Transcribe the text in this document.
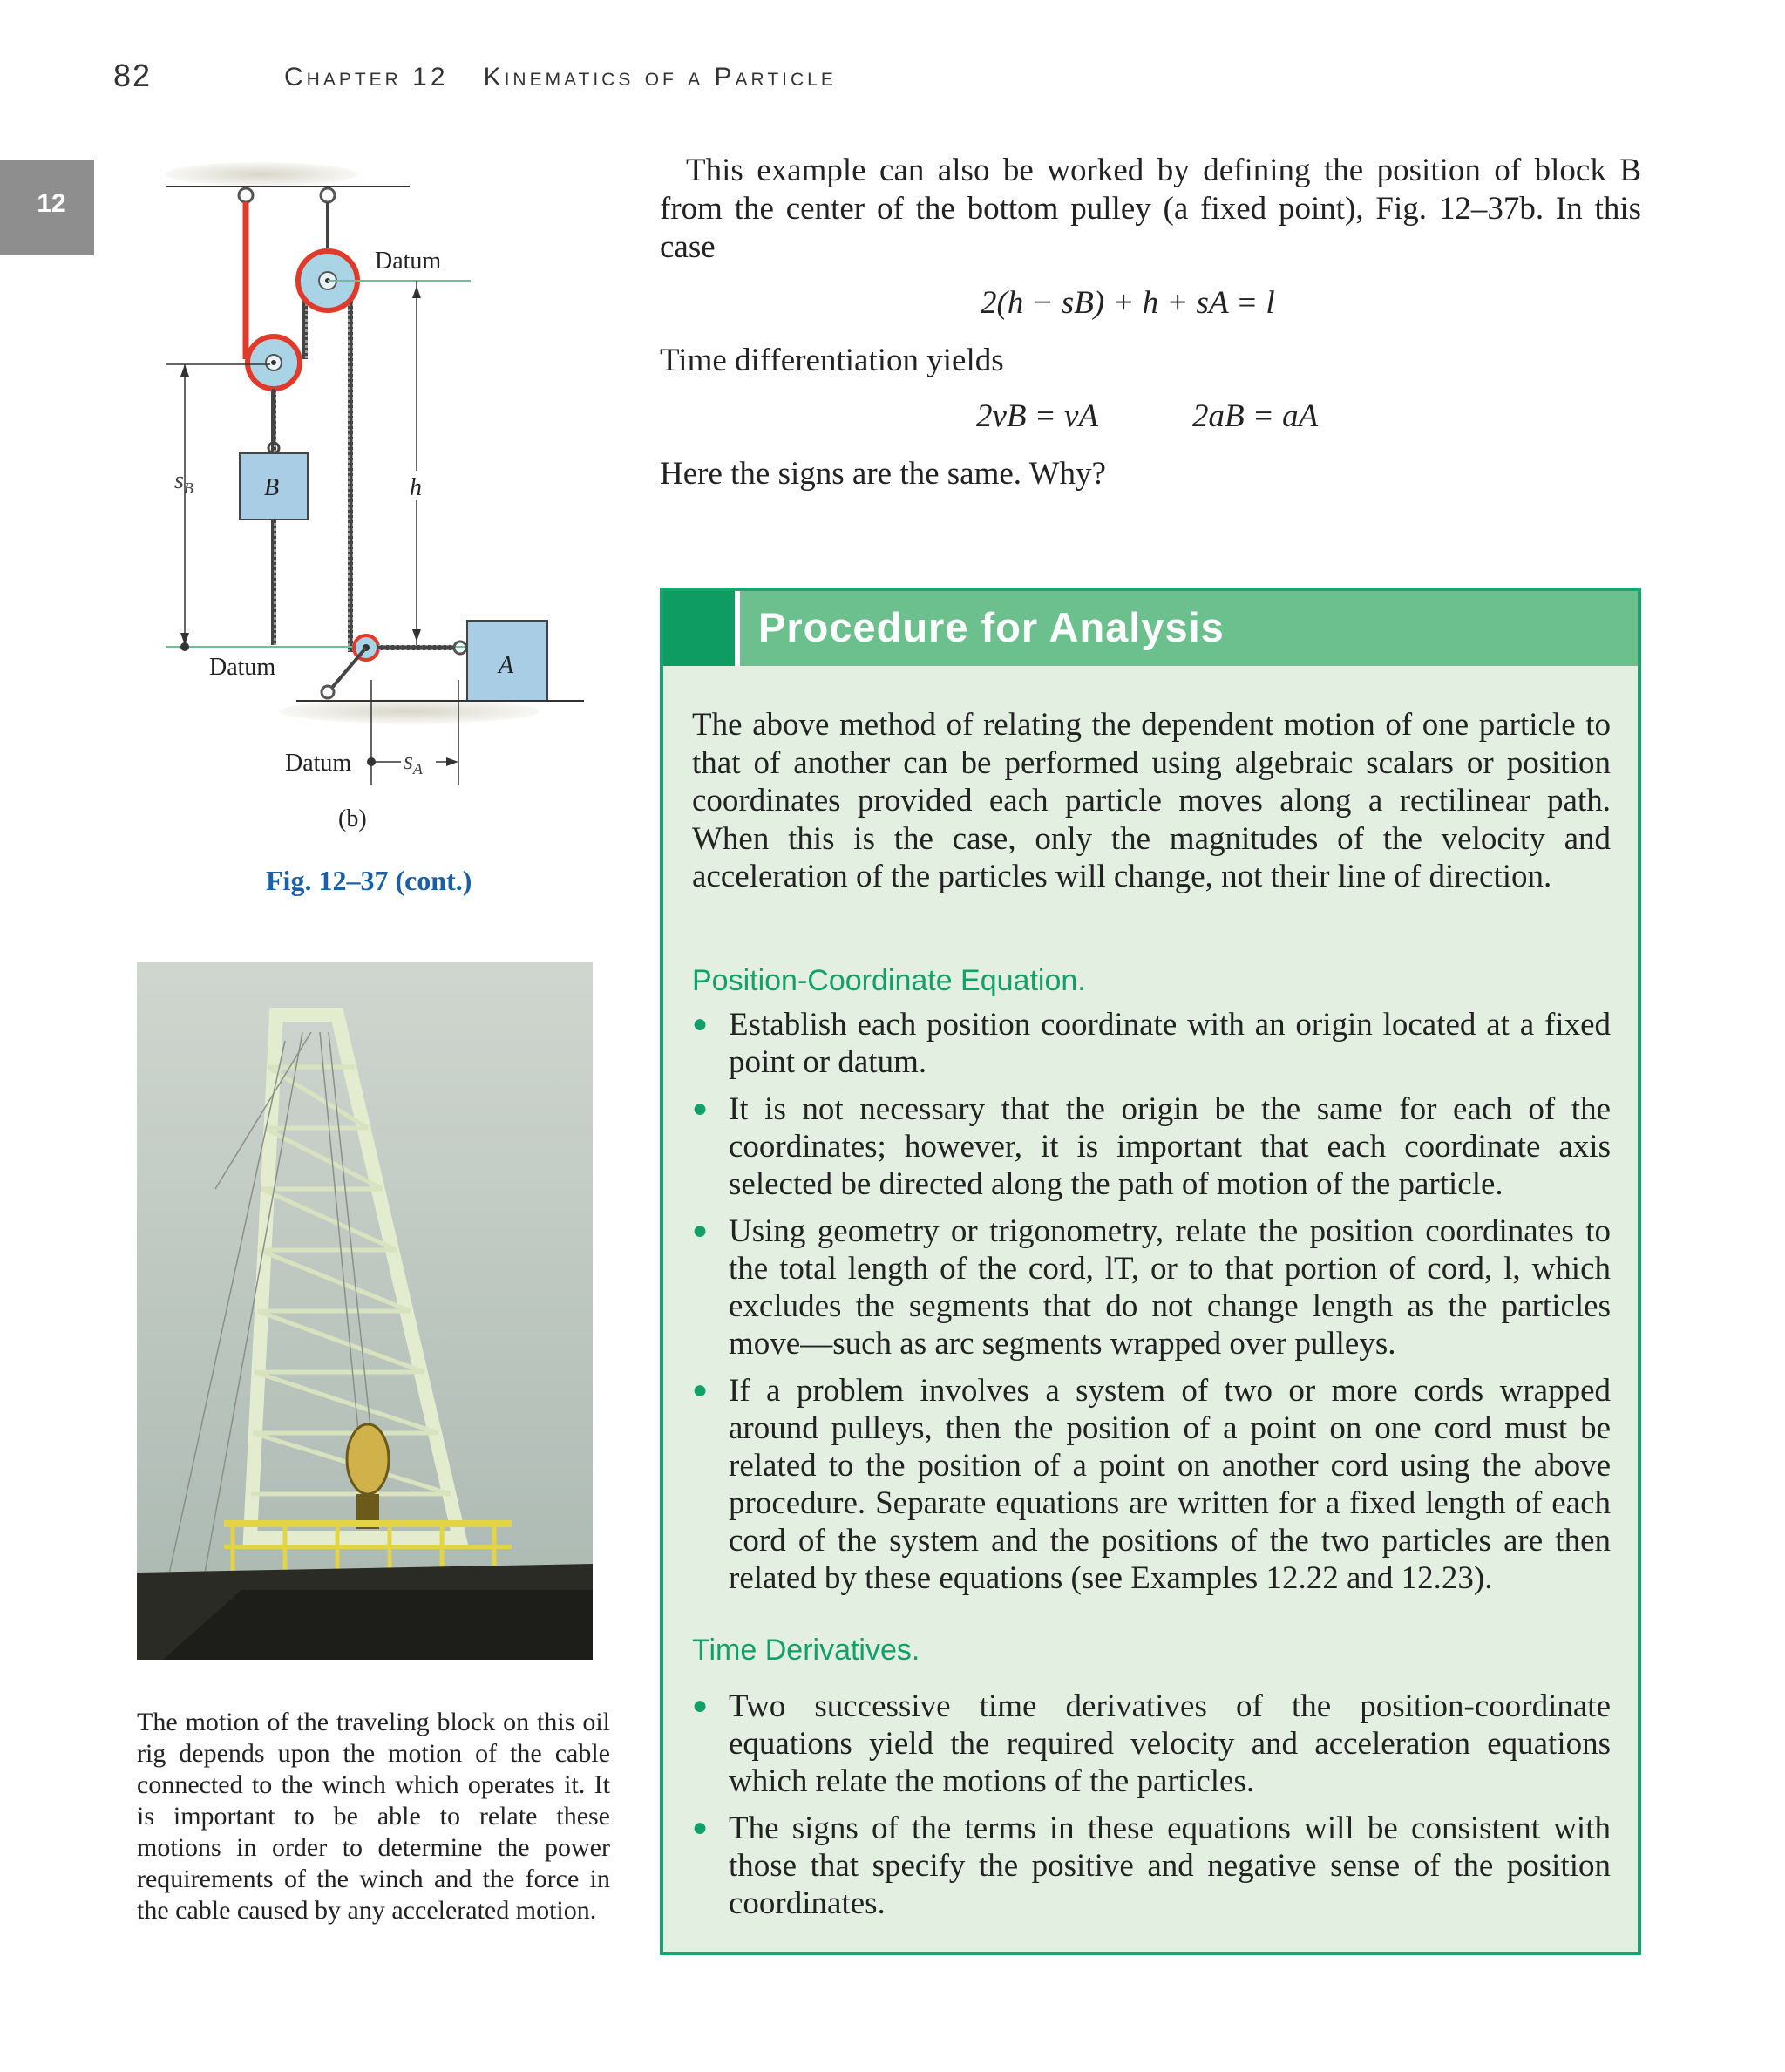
82	Chapter 12 Kinematics of a Particle
12
Datum
B
$s_B$	h
Datum	A
Datum $s_A$
(b)
Fig. 12–37 (cont.)
The motion of the traveling block on this oil rig depends upon the motion of the cable connected to the winch which operates it. It is important to be able to relate these motions in order to determine the power requirements of the winch and the force in the cable caused by any accelerated motion.
This example can also be worked by defining the position of block B from the center of the bottom pulley (a fixed point), Fig. 12–37b. In this case
2(h − sB) + h + sA = l
Time differentiation yields
2vB = vA	2aB = aA
Here the signs are the same. Why?
Procedure for Analysis
The above method of relating the dependent motion of one particle to that of another can be performed using algebraic scalars or position coordinates provided each particle moves along a rectilinear path. When this is the case, only the magnitudes of the velocity and acceleration of the particles will change, not their line of direction.
Position-Coordinate Equation.
● Establish each position coordinate with an origin located at a fixed point or datum.
● It is not necessary that the origin be the same for each of the coordinates; however, it is important that each coordinate axis selected be directed along the path of motion of the particle.
● Using geometry or trigonometry, relate the position coordinates to the total length of the cord, lT, or to that portion of cord, l, which excludes the segments that do not change length as the particles move—such as arc segments wrapped over pulleys.
● If a problem involves a system of two or more cords wrapped around pulleys, then the position of a point on one cord must be related to the position of a point on another cord using the above procedure. Separate equations are written for a fixed length of each cord of the system and the positions of the two particles are then related by these equations (see Examples 12.22 and 12.23).
Time Derivatives.
● Two successive time derivatives of the position-coordinate equations yield the required velocity and acceleration equations which relate the motions of the particles.
● The signs of the terms in these equations will be consistent with those that specify the positive and negative sense of the position coordinates.
